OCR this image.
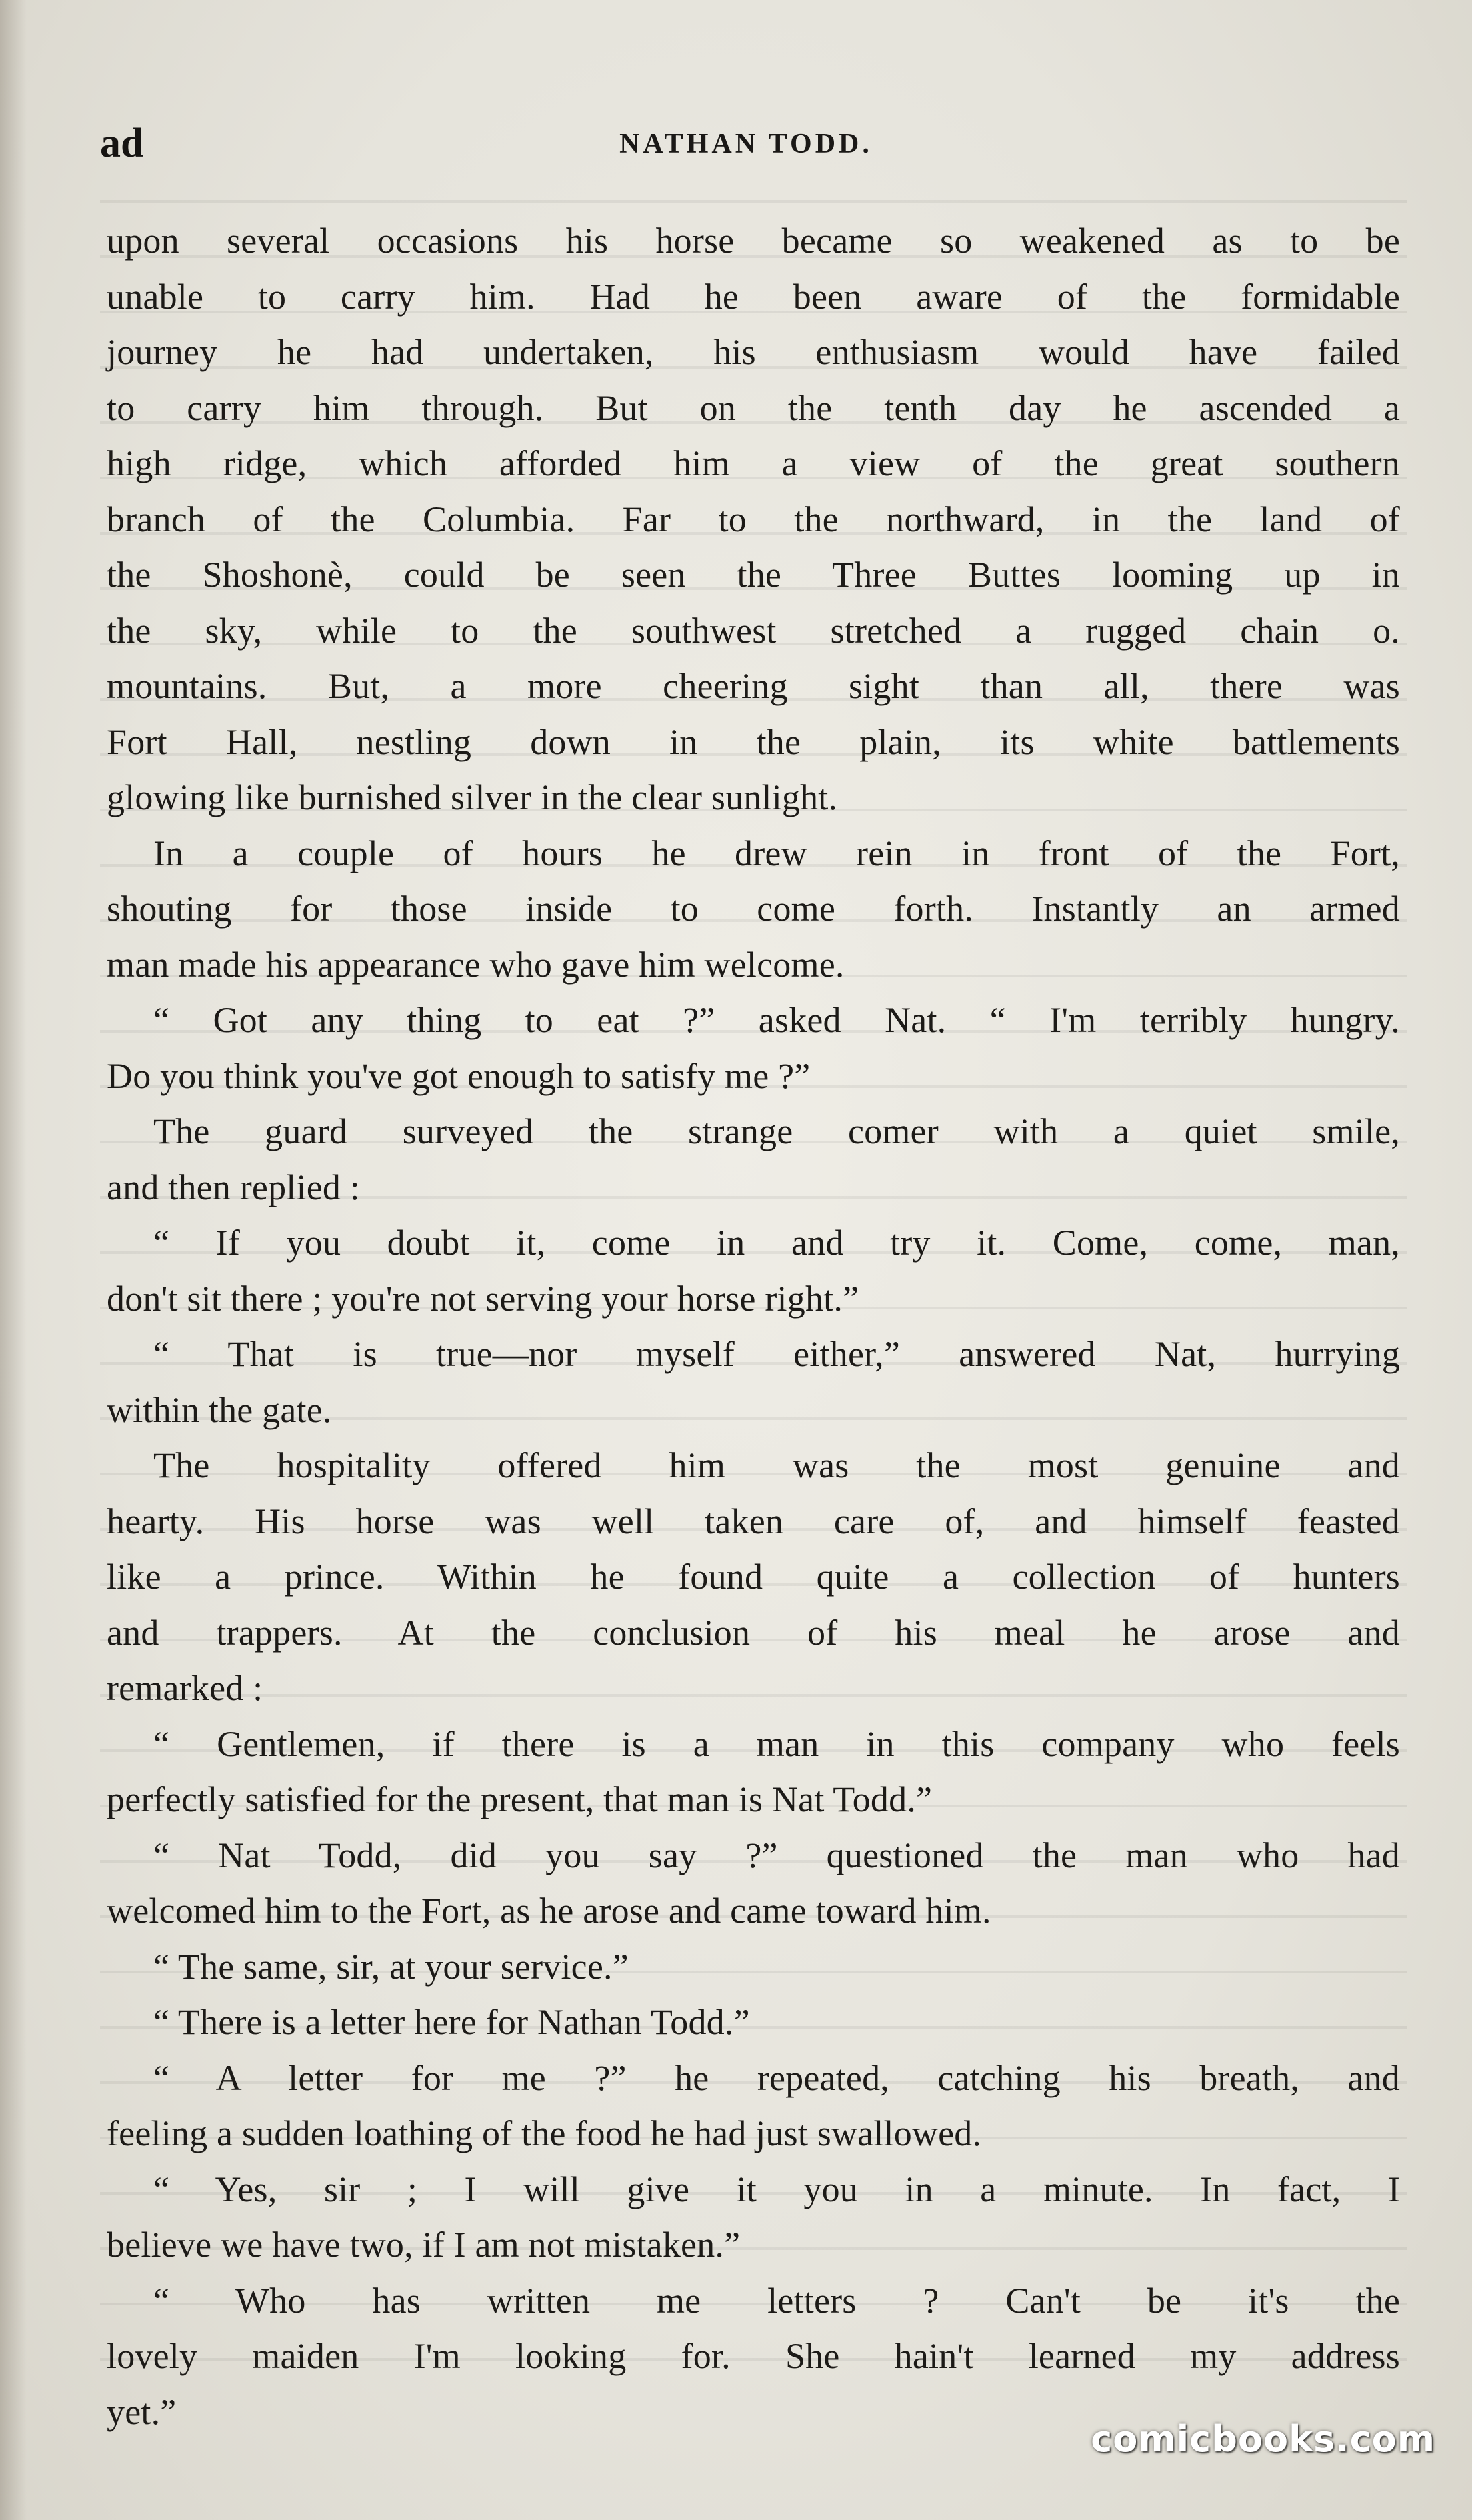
ad	NATHAN TODD.
upon several occasions his horse became so weakened as to be
unable to carry him. Had he been aware of the formidable
journey he had undertaken, his enthusiasm would have failed
to carry him through. But on the tenth day he ascended a
high ridge, which afforded him a view of the great southern
branch of the Columbia. Far to the northward, in the land of
the Shoshonè, could be seen the Three Buttes looming up in
the sky, while to the southwest stretched a rugged chain o.
mountains. But, a more cheering sight than all, there was
Fort Hall, nestling down in the plain, its white battlements
glowing like burnished silver in the clear sunlight.
In a couple of hours he drew rein in front of the Fort,
shouting for those inside to come forth. Instantly an armed
man made his appearance who gave him welcome.
“ Got any thing to eat ?” asked Nat. “ I'm terribly hungry.
Do you think you've got enough to satisfy me ?”
The guard surveyed the strange comer with a quiet smile,
and then replied :
“ If you doubt it, come in and try it. Come, come, man,
don't sit there ; you're not serving your horse right.”
“ That is true—nor myself either,” answered Nat, hurrying
within the gate.
The hospitality offered him was the most genuine and
hearty. His horse was well taken care of, and himself feasted
like a prince. Within he found quite a collection of hunters
and trappers. At the conclusion of his meal he arose and
remarked :
“ Gentlemen, if there is a man in this company who feels
perfectly satisfied for the present, that man is Nat Todd.”
“ Nat Todd, did you say ?” questioned the man who had
welcomed him to the Fort, as he arose and came toward him.
“ The same, sir, at your service.”
“ There is a letter here for Nathan Todd.”
“ A letter for me ?” he repeated, catching his breath, and
feeling a sudden loathing of the food he had just swallowed.
“ Yes, sir ; I will give it you in a minute. In fact, I
believe we have two, if I am not mistaken.”
“ Who has written me letters ? Can't be it's the
lovely maiden I'm looking for. She hain't learned my address
yet.”
comicbooks.com
